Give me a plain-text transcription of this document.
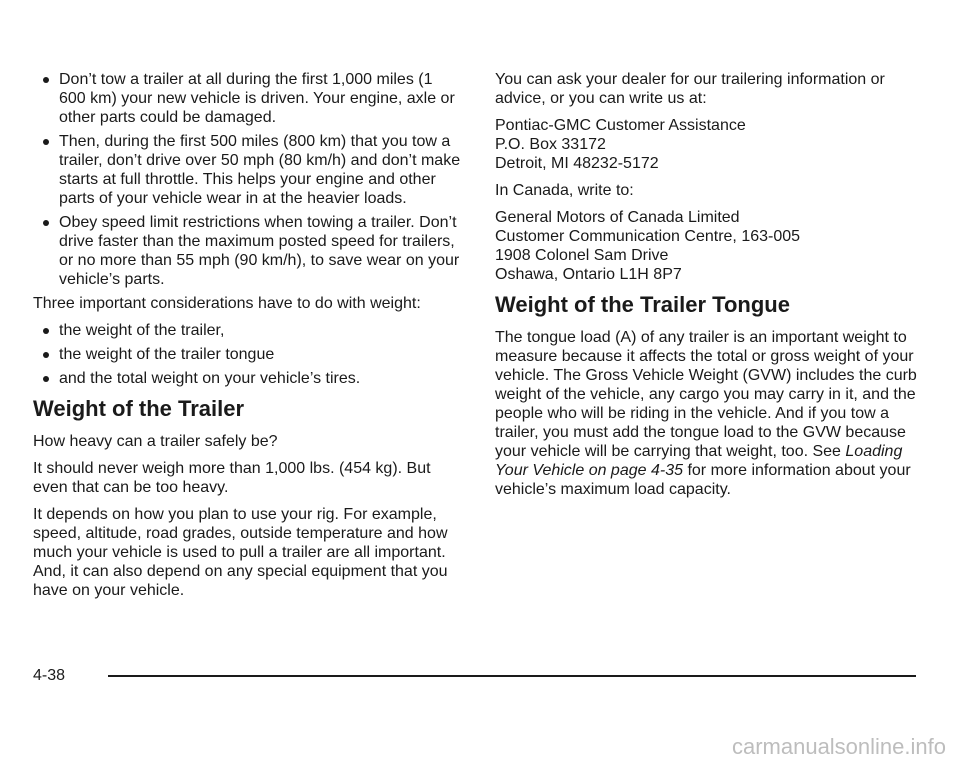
Don’t tow a trailer at all during the first 1,000 miles (1 600 km) your new vehicle is driven. Your engine, axle or other parts could be damaged.

Then, during the first 500 miles (800 km) that you tow a trailer, don’t drive over 50 mph (80 km/h) and don’t make starts at full throttle. This helps your engine and other parts of your vehicle wear in at the heavier loads.

Obey speed limit restrictions when towing a trailer. Don’t drive faster than the maximum posted speed for trailers, or no more than 55 mph (90 km/h), to save wear on your vehicle’s parts.

Three important considerations have to do with weight:

the weight of the trailer,

the weight of the trailer tongue

and the total weight on your vehicle’s tires.

Weight of the Trailer

How heavy can a trailer safely be?

It should never weigh more than 1,000 lbs. (454 kg). But even that can be too heavy.

It depends on how you plan to use your rig. For example, speed, altitude, road grades, outside temperature and how much your vehicle is used to pull a trailer are all important. And, it can also depend on any special equipment that you have on your vehicle.

You can ask your dealer for our trailering information or advice, or you can write us at:

Pontiac-GMC Customer Assistance
P.O. Box 33172
Detroit, MI 48232-5172

In Canada, write to:

General Motors of Canada Limited
Customer Communication Centre, 163-005
1908 Colonel Sam Drive
Oshawa, Ontario L1H 8P7
Weight of the Trailer Tongue

The tongue load (A) of any trailer is an important weight to measure because it affects the total or gross weight of your vehicle. The Gross Vehicle Weight (GVW) includes the curb weight of the vehicle, any cargo you may carry in it, and the people who will be riding in the vehicle. And if you tow a trailer, you must add the tongue load to the GVW because your vehicle will be carrying that weight, too. See Loading Your Vehicle on page 4-35 for more information about your vehicle’s maximum load capacity.

4-38
carmanualsonline.info
